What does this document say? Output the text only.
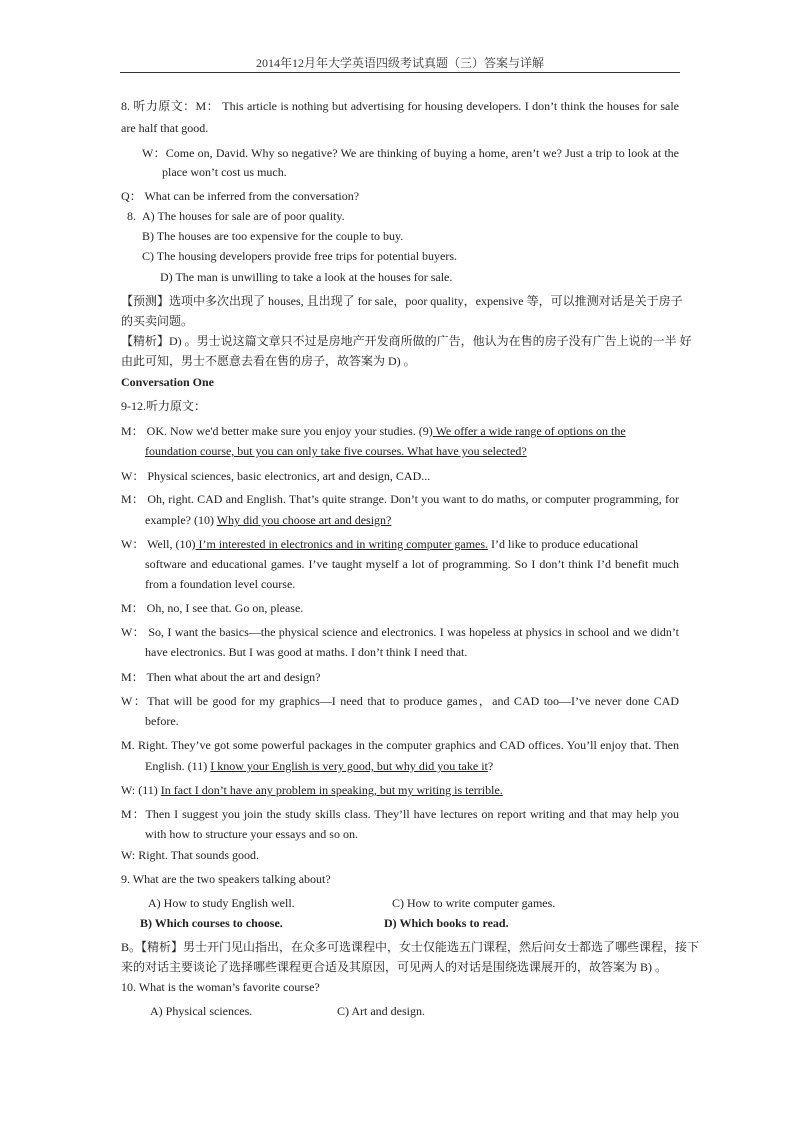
2014年12月年大学英语四级考试真题（三）答案与详解
8. 听力原文：M： This article is nothing but advertising for housing developers. I don’t think the houses for sale
are half that good.
W：Come on, David. Why so negative? We are thinking of buying a home, aren’t we? Just a trip to look at the
place won’t cost us much.
Q： What can be inferred from the conversation?
8. A) The houses for sale are of poor quality.
B) The houses are too expensive for the couple to buy.
C) The housing developers provide free trips for potential buyers.
D) The man is unwilling to take a look at the houses for sale.
【预测】选项中多次出现了 houses, 且出现了 for sale，poor quality，expensive 等，可以推测对话是关于房子
的买卖问题。
【精析】D) 。男士说这篇文章只不过是房地产开发商所做的广告，他认为在售的房子没有广告上说的一半 好
由此可知，男士不愿意去看在售的房子，故答案为 D) 。
Conversation One
9-12.听力原文：
M： OK. Now we'd better make sure you enjoy your studies. (9) We offer a wide range of options on the
foundation course, but you can only take five courses. What have you selected?
W： Physical sciences, basic electronics, art and design, CAD...
M： Oh, right. CAD and English. That’s quite strange. Don’t you want to do maths, or computer programming, for
example? (10) Why did you choose art and design?
W： Well, (10) I’m interested in electronics and in writing computer games. I’d like to produce educational
software and educational games. I’ve taught myself a lot of programming. So I don’t think I’d benefit much
from a foundation level course.
M： Oh, no, I see that. Go on, please.
W： So, I want the basics—the physical science and electronics. I was hopeless at physics in school and we didn’t
have electronics. But I was good at maths. I don’t think I need that.
M： Then what about the art and design?
W：That will be good for my graphics—I need that to produce games，and CAD too—I’ve never done CAD
before.
M. Right. They’ve got some powerful packages in the computer graphics and CAD offices. You’ll enjoy that. Then
English. (11) I know your English is very good, but why did you take it?
W: (11) In fact I don’t have any problem in speaking, but my writing is terrible.
M：Then I suggest you join the study skills class. They’ll have lectures on report writing and that may help you
with how to structure your essays and so on.
W: Right. That sounds good.
9. What are the two speakers talking about?
A) How to study English well.	C) How to write computer games.
B) Which courses to choose.	D) Which books to read.
B。【精析】男士开门见山指出，在众多可选课程中，女士仅能选五门课程，然后问女士都选了哪些课程，接下
来的对话主要谈论了选择哪些课程更合适及其原因，可见两人的对话是围绕选课展开的，故答案为 B) 。
10. What is the woman’s favorite course?
A) Physical sciences.	C) Art and design.
